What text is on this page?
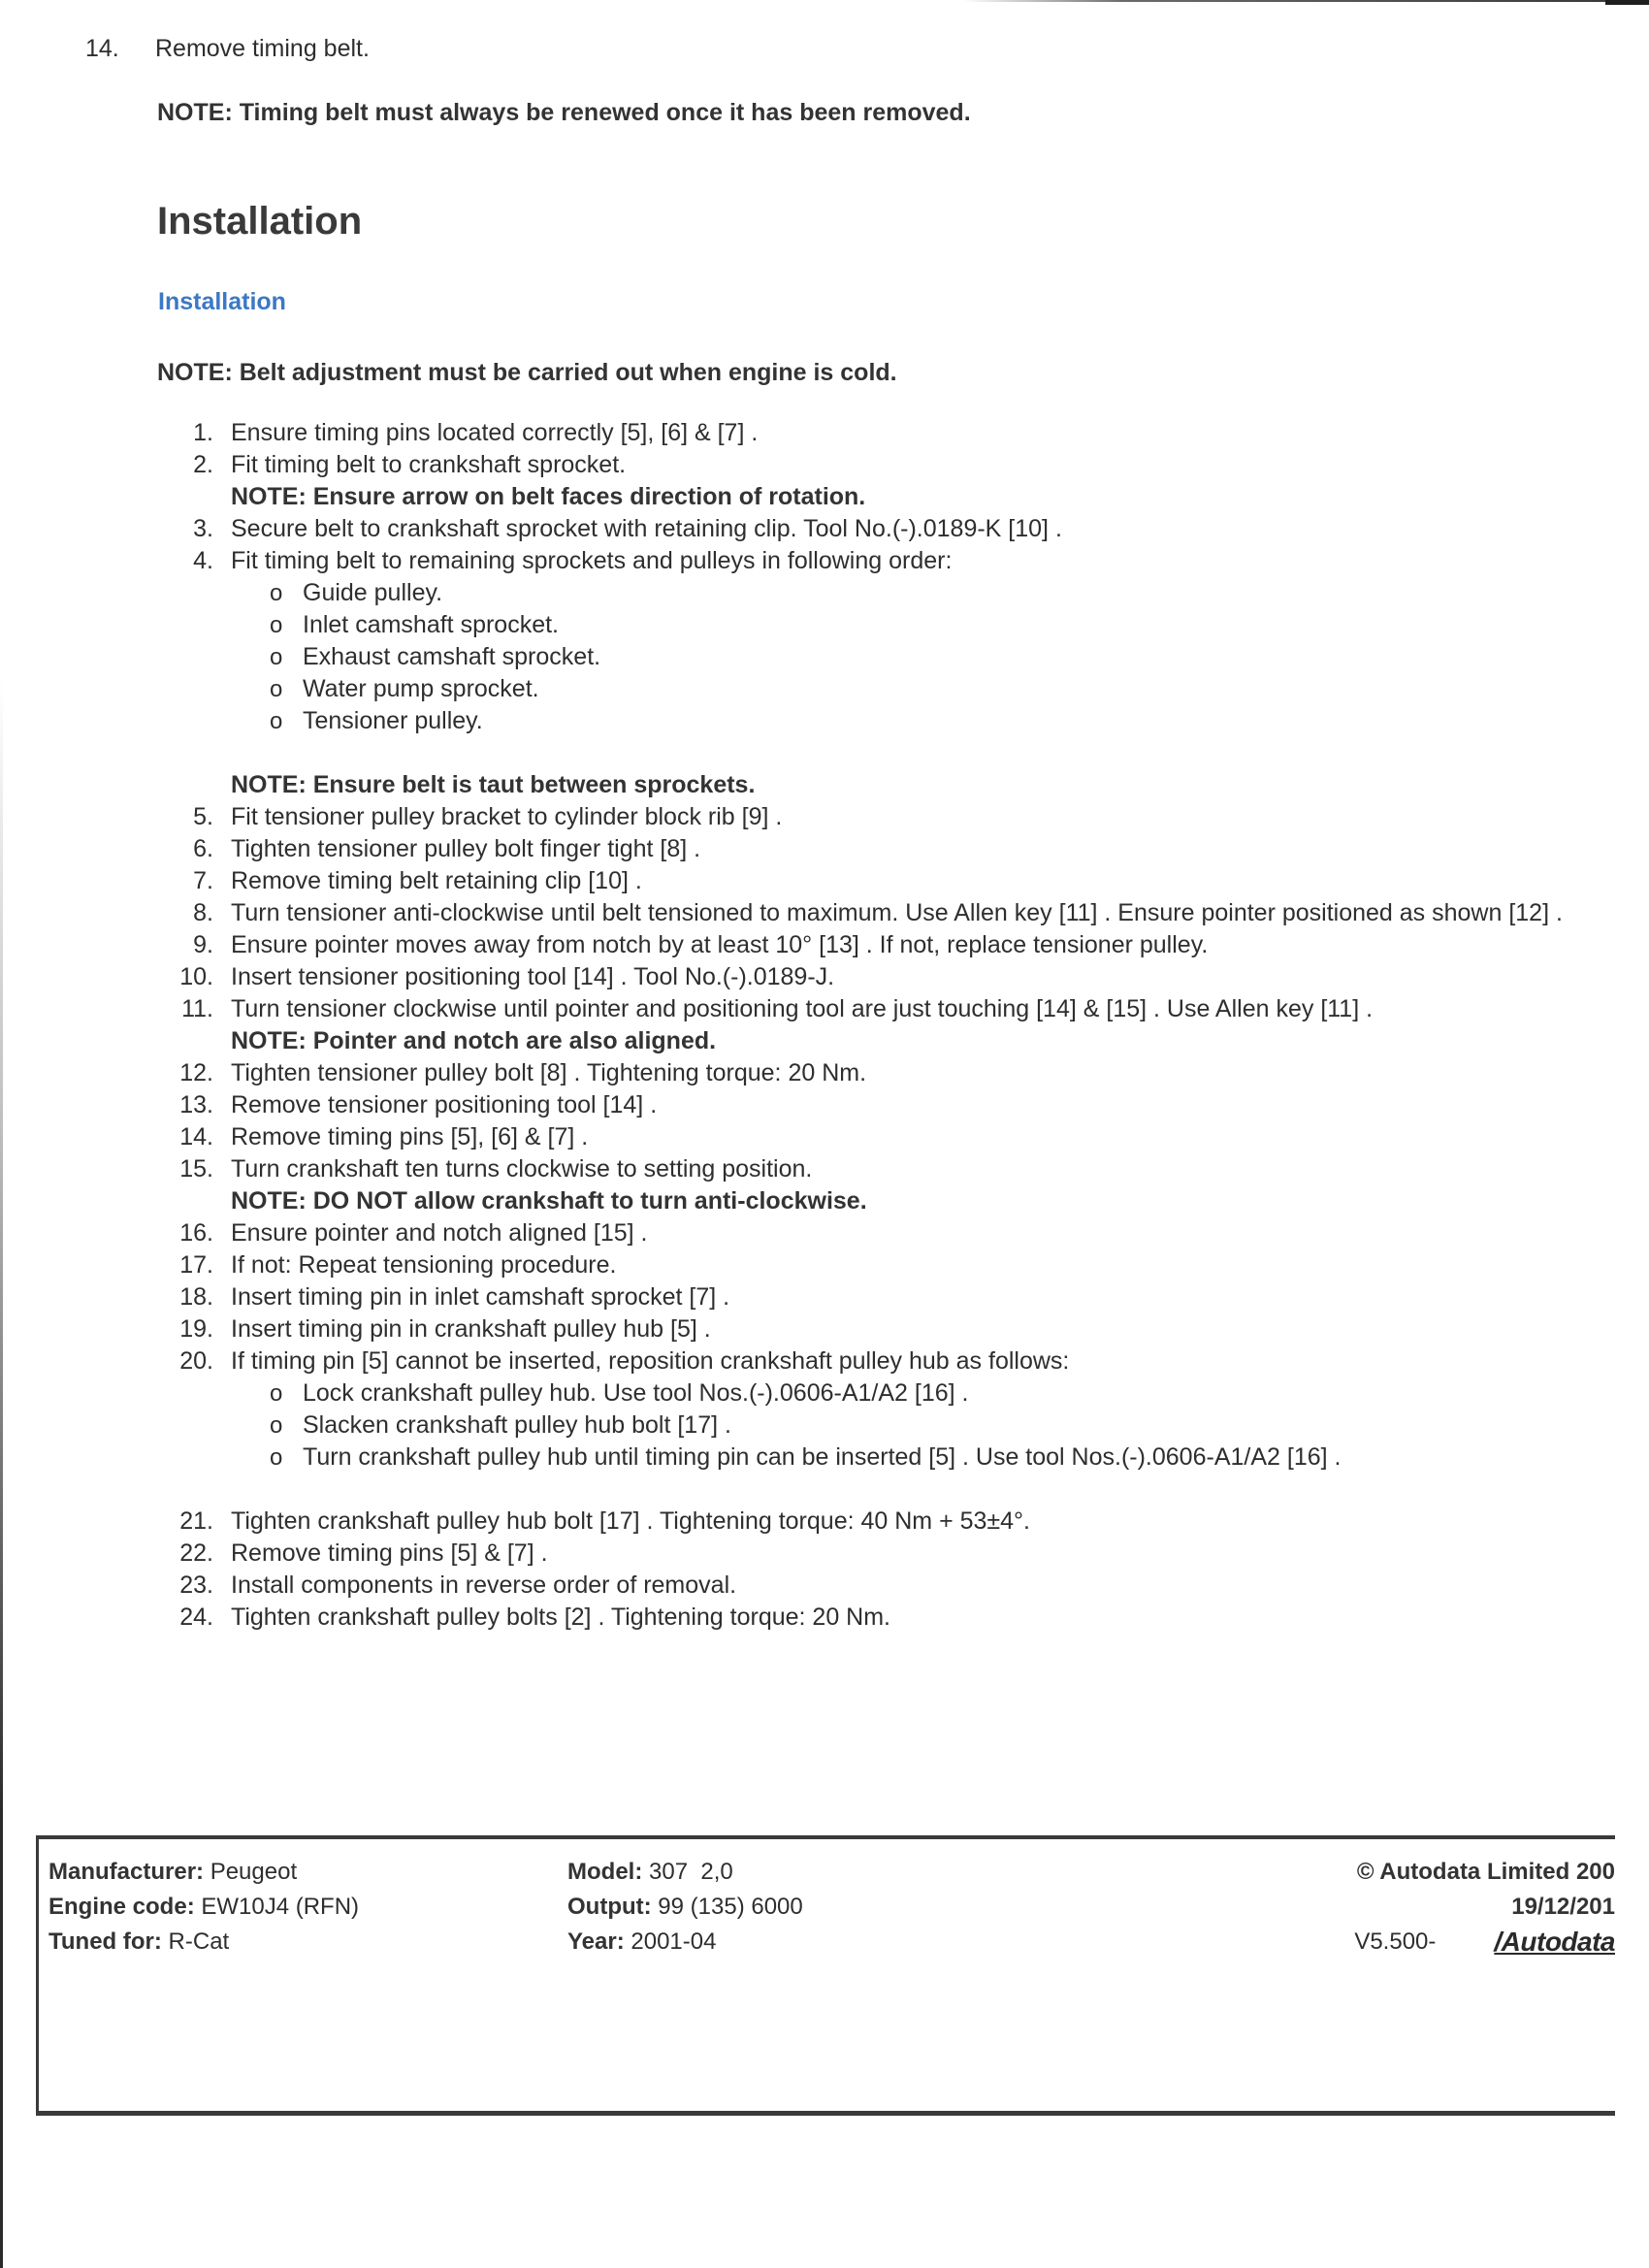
14. Remove timing belt.
NOTE: Timing belt must always be renewed once it has been removed.
Installation
Installation
NOTE: Belt adjustment must be carried out when engine is cold.
1. Ensure timing pins located correctly [5], [6] & [7] .
2. Fit timing belt to crankshaft sprocket.
NOTE: Ensure arrow on belt faces direction of rotation.
3. Secure belt to crankshaft sprocket with retaining clip. Tool No.(-).0189-K [10] .
4. Fit timing belt to remaining sprockets and pulleys in following order:
o Guide pulley.
o Inlet camshaft sprocket.
o Exhaust camshaft sprocket.
o Water pump sprocket.
o Tensioner pulley.
NOTE: Ensure belt is taut between sprockets.
5. Fit tensioner pulley bracket to cylinder block rib [9] .
6. Tighten tensioner pulley bolt finger tight [8] .
7. Remove timing belt retaining clip [10] .
8. Turn tensioner anti-clockwise until belt tensioned to maximum. Use Allen key [11] . Ensure pointer positioned as shown [12] .
9. Ensure pointer moves away from notch by at least 10° [13] . If not, replace tensioner pulley.
10. Insert tensioner positioning tool [14] . Tool No.(-).0189-J.
11. Turn tensioner clockwise until pointer and positioning tool are just touching [14] & [15] . Use Allen key [11] .
NOTE: Pointer and notch are also aligned.
12. Tighten tensioner pulley bolt [8] . Tightening torque: 20 Nm.
13. Remove tensioner positioning tool [14] .
14. Remove timing pins [5], [6] & [7] .
15. Turn crankshaft ten turns clockwise to setting position.
NOTE: DO NOT allow crankshaft to turn anti-clockwise.
16. Ensure pointer and notch aligned [15] .
17. If not: Repeat tensioning procedure.
18. Insert timing pin in inlet camshaft sprocket [7] .
19. Insert timing pin in crankshaft pulley hub [5] .
20. If timing pin [5] cannot be inserted, reposition crankshaft pulley hub as follows:
o Lock crankshaft pulley hub. Use tool Nos.(-).0606-A1/A2 [16] .
o Slacken crankshaft pulley hub bolt [17] .
o Turn crankshaft pulley hub until timing pin can be inserted [5] . Use tool Nos.(-).0606-A1/A2 [16] .
21. Tighten crankshaft pulley hub bolt [17] . Tightening torque: 40 Nm + 53±4°.
22. Remove timing pins [5] & [7] .
23. Install components in reverse order of removal.
24. Tighten crankshaft pulley bolts [2] . Tightening torque: 20 Nm.
Manufacturer: Peugeot
Engine code: EW10J4 (RFN)
Tuned for: R-Cat
Model: 307  2,0
Output: 99 (135) 6000
Year: 2001-04
© Autodata Limited 200
19/12/201
V5.500- /Autodata
